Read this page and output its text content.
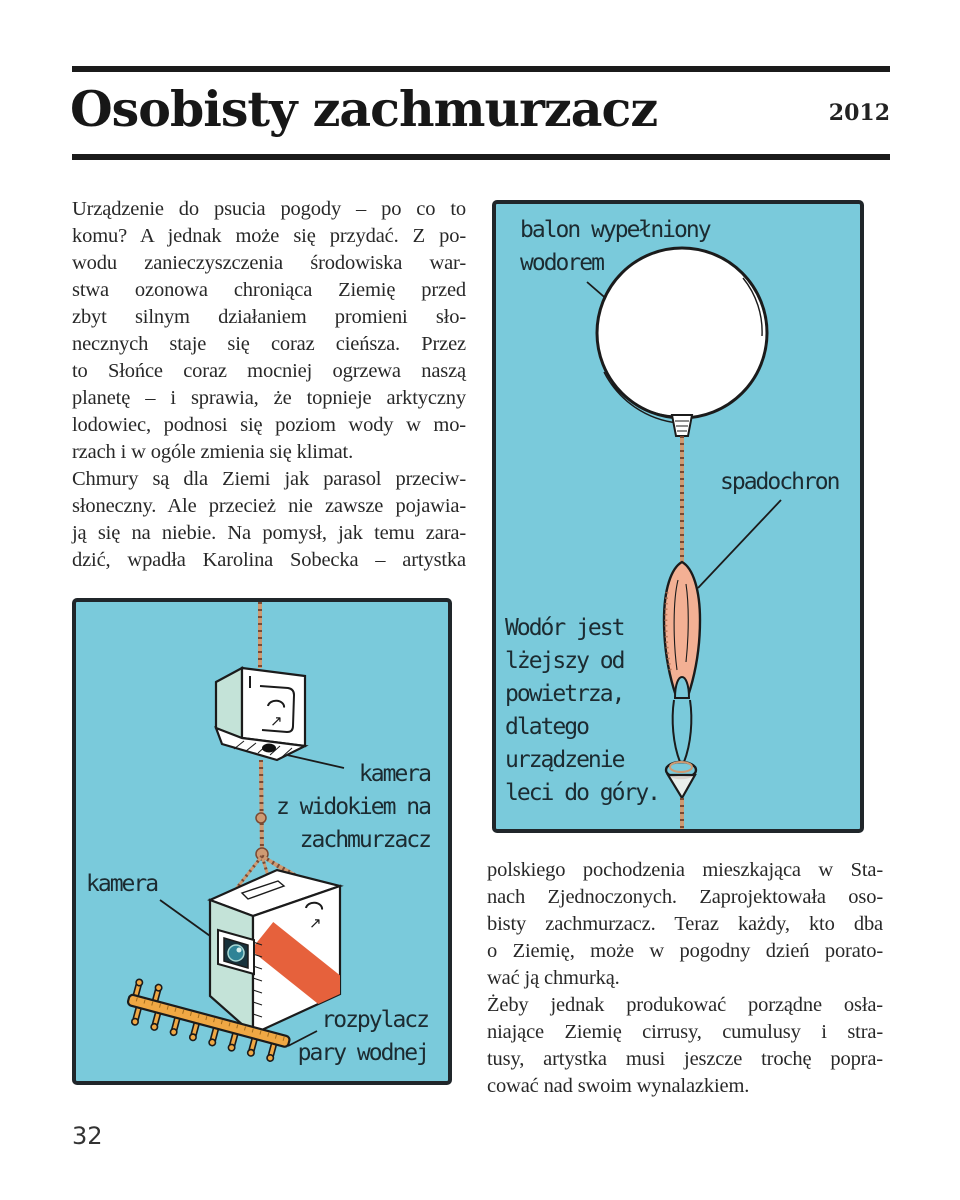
Osobisty zachmurzacz	2012
Urządzenie do psucia pogody – po co to
komu? A jednak może się przydać. Z po-
wodu zanieczyszczenia środowiska war-
stwa ozonowa chroniąca Ziemię przed
zbyt silnym działaniem promieni sło-
necznych staje się coraz cieńsza. Przez
to Słońce coraz mocniej ogrzewa naszą
planetę – i sprawia, że topnieje arktyczny
lodowiec, podnosi się poziom wody w mo-
rzach i w ogóle zmienia się klimat.
Chmury są dla Ziemi jak parasol przeciw-
słoneczny. Ale przecież nie zawsze pojawia-
ją się na niebie. Na pomysł, jak temu zara-
dzić, wpadła Karolina Sobecka – artystka
balon wypełniony
wodorem
spadochron
Wodór jest
lżejszy od
powietrza,
dlatego
urządzenie
leci do góry.
↗
↗
kamera
z widokiem na
zachmurzacz
kamera
rozpylacz
pary wodnej
polskiego pochodzenia mieszkająca w Sta-
nach Zjednoczonych. Zaprojektowała oso-
bisty zachmurzacz. Teraz każdy, kto dba
o Ziemię, może w pogodny dzień porato-
wać ją chmurką.
Żeby jednak produkować porządne osła-
niające Ziemię cirrusy, cumulusy i stra-
tusy, artystka musi jeszcze trochę popra-
cować nad swoim wynalazkiem.
32
